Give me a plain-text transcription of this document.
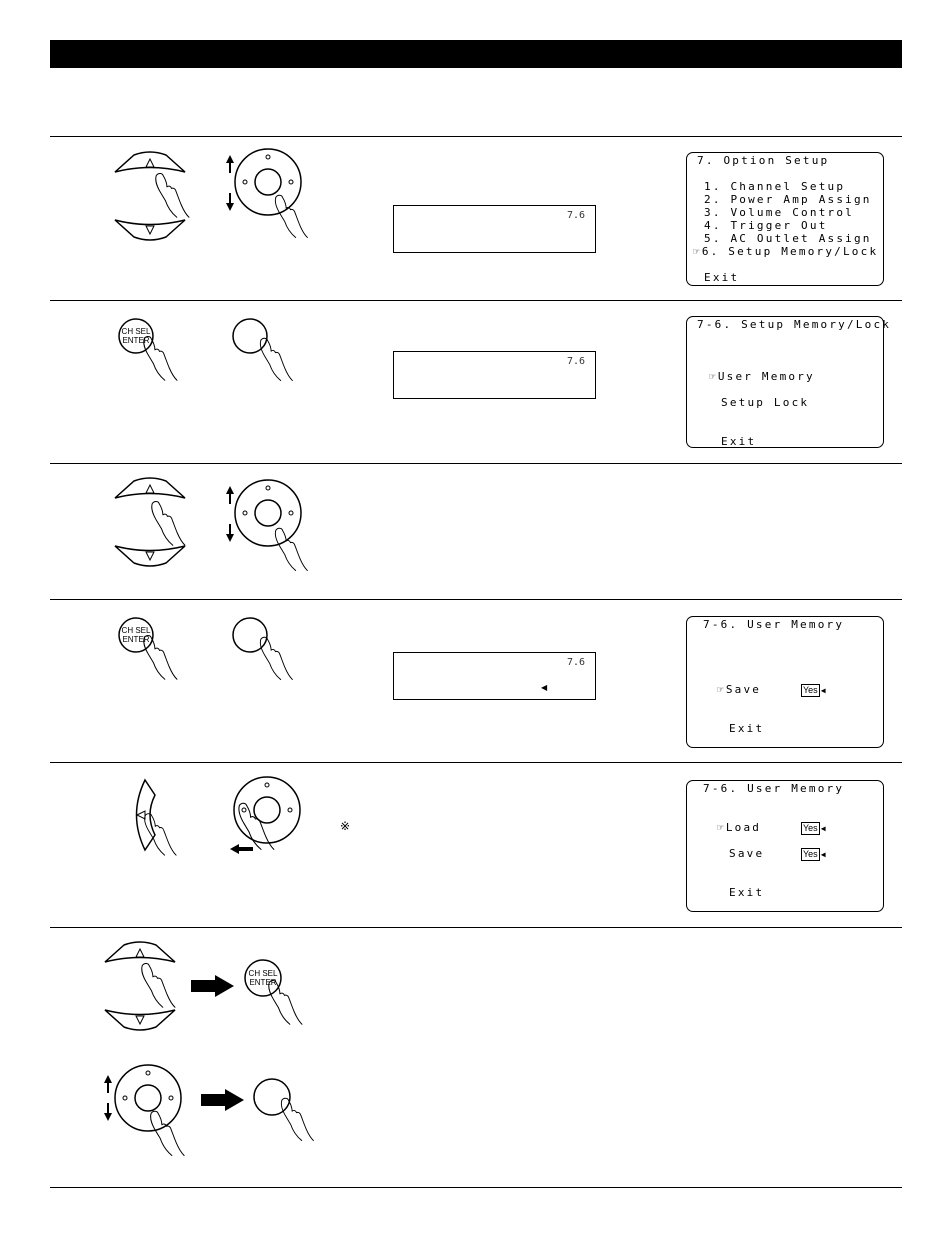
7.6
7. Option Setup
1. Channel Setup
2. Power Amp Assign
3. Volume Control
4. Trigger Out
5. AC Outlet Assign
☞6. Setup Memory/Lock
Exit
CH SEL
ENTER
7.6
7-6. Setup Memory/Lock
☞User Memory
Setup Lock
Exit
CH SEL
ENTER
7.6
◀
7-6. User Memory
☞Save	Yes ◀
Exit
※
7-6. User Memory
☞Load	Yes ◀
Save	Yes ◀
Exit
CH SEL
ENTER
